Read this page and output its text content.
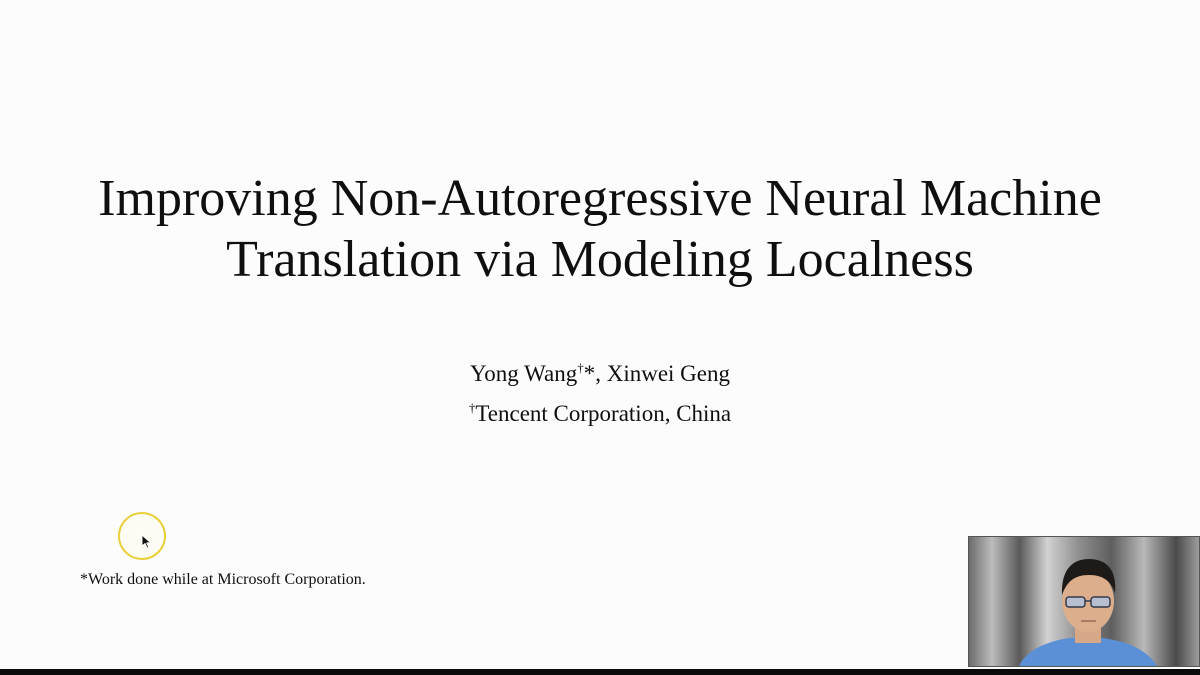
Improving Non-Autoregressive Neural Machine
Translation via Modeling Localness
Yong Wang†*, Xinwei Geng
†Tencent Corporation, China
*Work done while at Microsoft Corporation.
